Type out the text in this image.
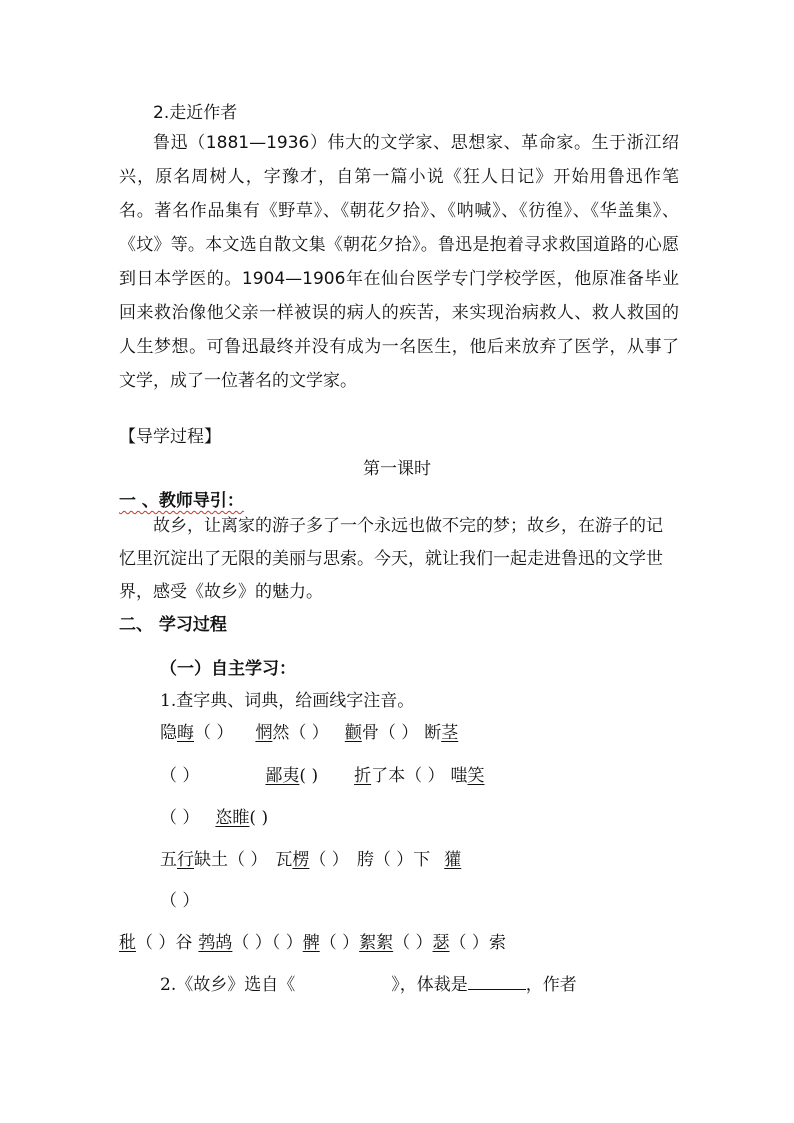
2.走近作者

鲁迅（1881—1936）伟大的文学家、思想家、革命家。生于浙江绍兴，原名周树人，字豫才，自第一篇小说《狂人日记》开始用鲁迅作笔名。著名作品集有《野草》、《朝花夕拾》、《呐喊》、《彷徨》、《华盖集》、《坟》等。本文选自散文集《朝花夕拾》。鲁迅是抱着寻求救国道路的心愿到日本学医的。1904—1906年在仙台医学专门学校学医，他原准备毕业回来救治像他父亲一样被误的病人的疾苦，来实现治病救人、救人救国的人生梦想。可鲁迅最终并没有成为一名医生，他后来放弃了医学，从事了文学，成了一位著名的文学家。

【导学过程】
第一课时
一 、教师导引：

故乡，让离家的游子多了一个永远也做不完的梦；故乡，在游子的记忆里沉淀出了无限的美丽与思索。今天，就让我们一起走进鲁迅的文学世界，感受《故乡》的魅力。

二、 学习过程
（一）自主学习：
1.查字典、词典，给画线字注音。
隐晦（ ） 惘然（ ） 颧骨（ ） 断茎
（ ）	鄙夷( ) 折了本（ ） 嗤笑
（ ） 恣睢( )
五行缺土（ ） 瓦楞（ ） 胯（ ）下 獾
（ ）
秕（ ）谷 鹁鸪（ ）（ ）髀（ ）絮絮（ ）瑟（ ）索
2.《故乡》选自《	》，体裁是	，作者
